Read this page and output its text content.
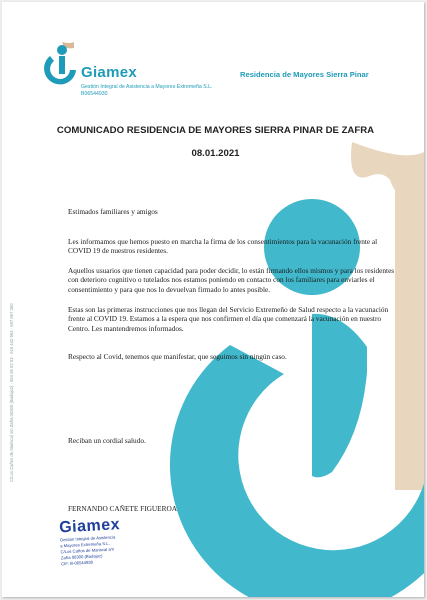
Giamex
Gestión Integral de Asistencia a Mayores Extremeña S.L.
B06544930
Residencia de Mayores Sierra Pinar
C/Los Caños de Mariscal s/n Zafra 06300 (Badajoz) · 924 55 02 03 · 616 442 964 · 657 867 360
COMUNICADO RESIDENCIA DE MAYORES SIERRA PINAR DE ZAFRA
08.01.2021
Estimados familiares y amigos
Les informamos que hemos puesto en marcha la firma de los consentimientos para la vacunación frente al COVID 19 de nuestros residentes.
Aquellos usuarios que tienen capacidad para poder decidir, lo están firmando ellos mismos y para los residentes con deterioro cognitivo o tutelados nos estamos poniendo en contacto con los familiares para enviarles el consentimiento y para que nos lo devuelvan firmado lo antes posible.
Estas son las primeras instrucciones que nos llegan del Servicio Extremeño de Salud respecto a la vacunación frente al COVID 19. Estamos a la espera que nos confirmen el día que comenzará la vacunación en nuestro Centro. Les mantendremos informados.
Respecto al Covid, tenemos que manifestar, que seguimos sin ningún caso.
Reciban un cordial saludo.
FERNANDO CAÑETE FIGUEROA
Giamex
Gestión Integral de Asistencia
a Mayores Extremeña S.L.
C/Los Caños de Mariscal s/n
Zafra 06300 (Badajoz)
CIF: B-06544930
